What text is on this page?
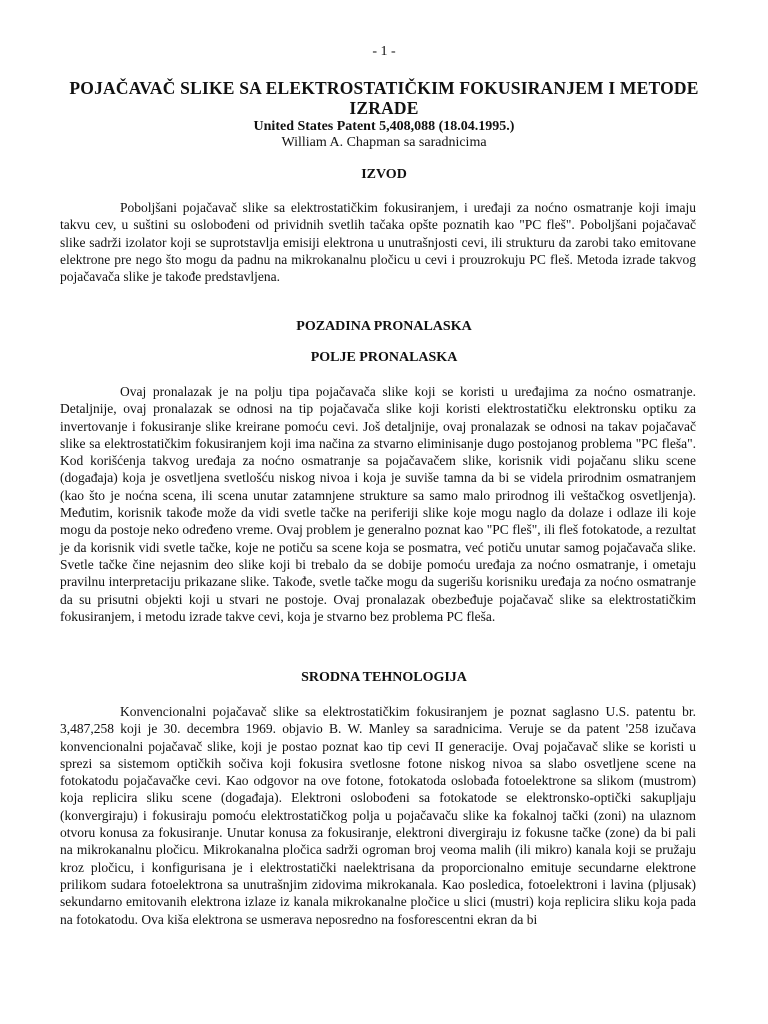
- 1 -
POJAČAVAČ SLIKE SA ELEKTROSTATIČKIM FOKUSIRANJEM I METODE IZRADE
United States Patent 5,408,088 (18.04.1995.)
William A. Chapman sa saradnicima
IZVOD

Poboljšani pojačavač slike sa elektrostatičkim fokusiranjem, i uređaji za noćno osmatranje koji imaju takvu cev, u suštini su oslobođeni od prividnih svetlih tačaka opšte poznatih kao "PC fleš". Poboljšani pojačavač slike sadrži izolator koji se suprotstavlja emisiji elektrona u unutrašnjosti cevi, ili strukturu da zarobi tako emitovane elektrone pre nego što mogu da padnu na mikrokanalnu pločicu u cevi i prouzrokuju PC fleš. Metoda izrade takvog pojačavača slike je takođe predstavljena.

POZADINA PRONALASKA
POLJE PRONALASKA

Ovaj pronalazak je na polju tipa pojačavača slike koji se koristi u uređajima za noćno osmatranje. Detaljnije, ovaj pronalazak se odnosi na tip pojačavača slike koji koristi elektrostatičku elektronsku optiku za invertovanje i fokusiranje slike kreirane pomoću cevi. Još detaljnije, ovaj pronalazak se odnosi na takav pojačavač slike sa elektrostatičkim fokusiranjem koji ima načina za stvarno eliminisanje dugo postojanog problema "PC fleša". Kod korišćenja takvog uređaja za noćno osmatranje sa pojačavačem slike, korisnik vidi pojačanu sliku scene (događaja) koja je osvetljena svetlošću niskog nivoa i koja je suviše tamna da bi se videla prirodnim osmatranjem (kao što je noćna scena, ili scena unutar zatamnjene strukture sa samo malo prirodnog ili veštačkog osvetljenja). Međutim, korisnik takođe može da vidi svetle tačke na periferiji slike koje mogu naglo da dolaze i odlaze ili koje mogu da postoje neko određeno vreme. Ovaj problem je generalno poznat kao "PC fleš", ili fleš fotokatode, a rezultat je da korisnik vidi svetle tačke, koje ne potiču sa scene koja se posmatra, već potiču unutar samog pojačavača slike. Svetle tačke čine nejasnim deo slike koji bi trebalo da se dobije pomoću uređaja za noćno osmatranje, i ometaju pravilnu interpretaciju prikazane slike. Takođe, svetle tačke mogu da sugerišu korisniku uređaja za noćno osmatranje da su prisutni objekti koji u stvari ne postoje. Ovaj pronalazak obezbeđuje pojačavač slike sa elektrostatičkim fokusiranjem, i metodu izrade takve cevi, koja je stvarno bez problema PC fleša.

SRODNA TEHNOLOGIJA

Konvencionalni pojačavač slike sa elektrostatičkim fokusiranjem je poznat saglasno U.S. patentu br. 3,487,258 koji je 30. decembra 1969. objavio B. W. Manley sa saradnicima. Veruje se da patent '258 izučava konvencionalni pojačavač slike, koji je postao poznat kao tip cevi II generacije. Ovaj pojačavač slike se koristi u sprezi sa sistemom optičkih sočiva koji fokusira svetlosne fotone niskog nivoa sa slabo osvetljene scene na fotokatodu pojačavačke cevi. Kao odgovor na ove fotone, fotokatoda oslobađa fotoelektrone sa slikom (mustrom) koja replicira sliku scene (događaja). Elektroni oslobođeni sa fotokatode se elektronsko-optički sakupljaju (konvergiraju) i fokusiraju pomoću elektrostatičkog polja u pojačavaču slike ka fokalnoj tački (zoni) na ulaznom otvoru konusa za fokusiranje. Unutar konusa za fokusiranje, elektroni divergiraju iz fokusne tačke (zone) da bi pali na mikrokanalnu pločicu. Mikrokanalna pločica sadrži ogroman broj veoma malih (ili mikro) kanala koji se pružaju kroz pločicu, i konfigurisana je i elektrostatički naelektrisana da proporcionalno emituje secundarne elektrone prilikom sudara fotoelektrona sa unutrašnjim zidovima mikrokanala. Kao posledica, fotoelektroni i lavina (pljusak) sekundarno emitovanih elektrona izlaze iz kanala mikrokanalne pločice u slici (mustri) koja replicira sliku koja pada na fotokatodu. Ova kiša elektrona se usmerava neposredno na fosforescentni ekran da bi
